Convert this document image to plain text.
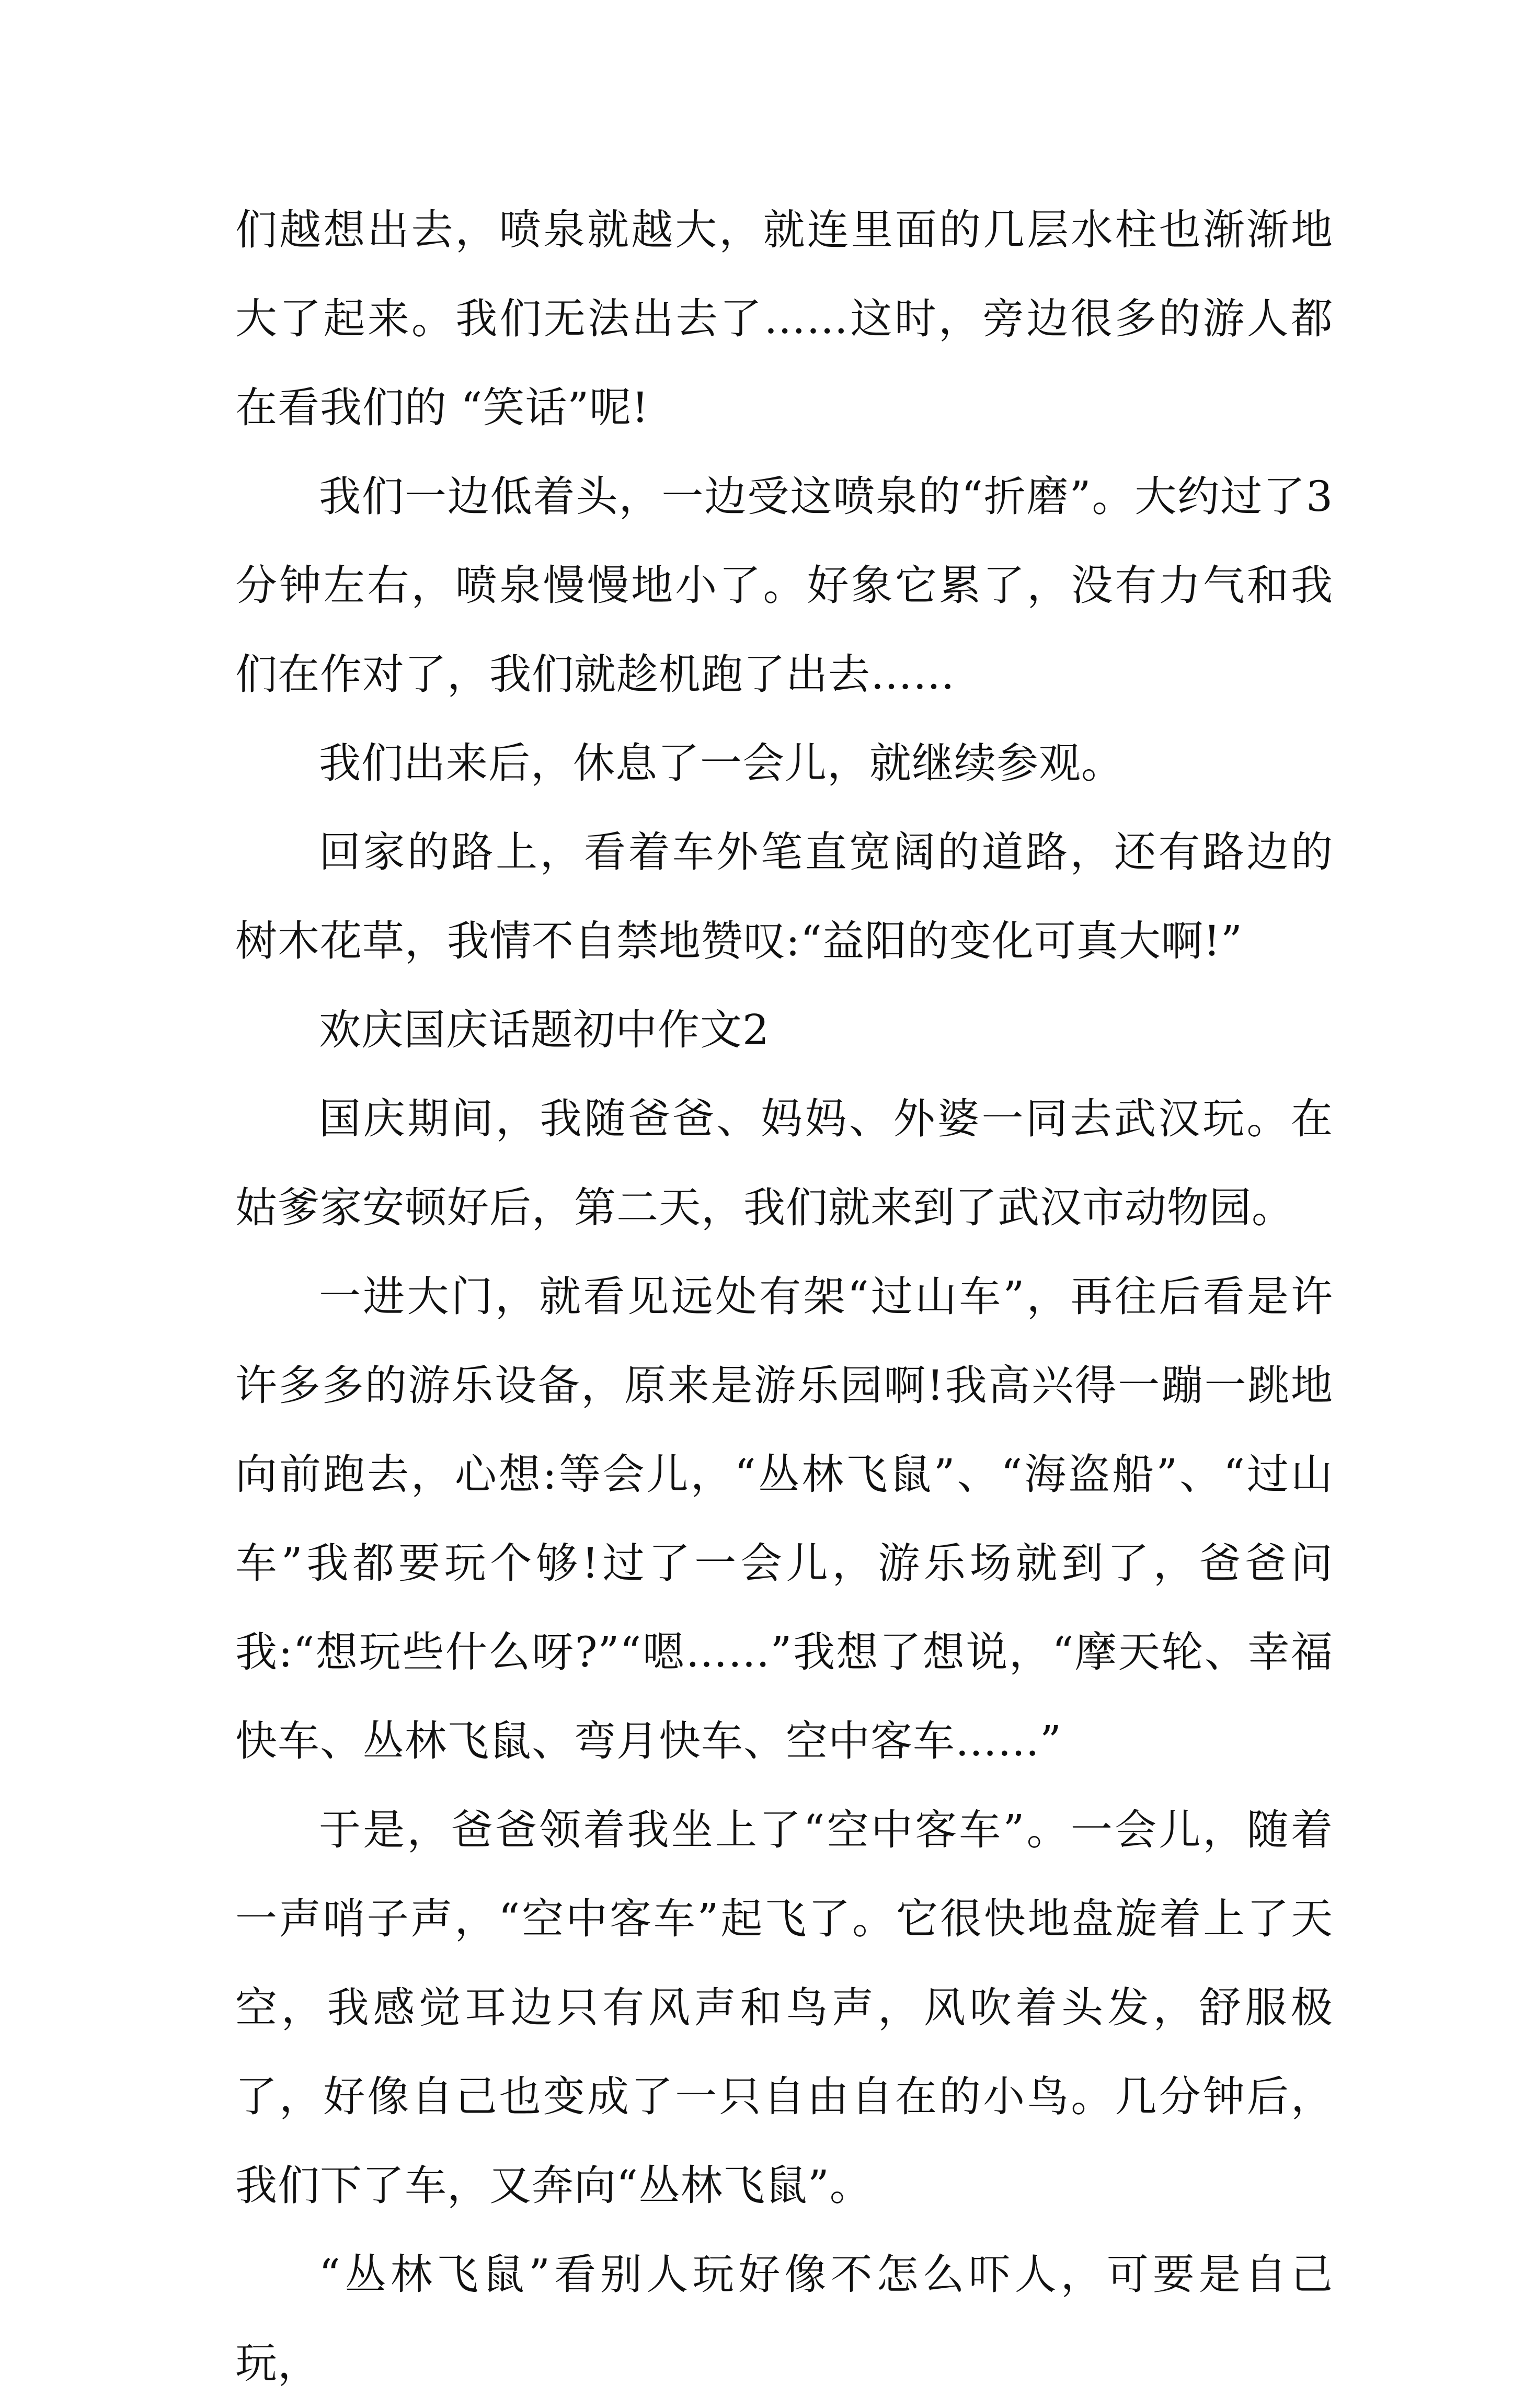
们越想出去，喷泉就越大，就连里面的几层水柱也渐渐地大了起来。我们无法出去了……这时，旁边很多的游人都在看我们的 “笑话”呢!

我们一边低着头，一边受这喷泉的“折磨”。大约过了3分钟左右，喷泉慢慢地小了。好象它累了，没有力气和我们在作对了，我们就趁机跑了出去……

我们出来后，休息了一会儿，就继续参观。

回家的路上，看着车外笔直宽阔的道路，还有路边的树木花草，我情不自禁地赞叹:“益阳的变化可真大啊!”

欢庆国庆话题初中作文2

国庆期间，我随爸爸、妈妈、外婆一同去武汉玩。在姑爹家安顿好后，第二天，我们就来到了武汉市动物园。

一进大门，就看见远处有架“过山车”，再往后看是许许多多的游乐设备，原来是游乐园啊!我高兴得一蹦一跳地向前跑去，心想:等会儿，“丛林飞鼠”、“海盗船”、“过山车”我都要玩个够!过了一会儿，游乐场就到了，爸爸问我:“想玩些什么呀?”“嗯……”我想了想说，“摩天轮、幸福快车、丛林飞鼠、弯月快车、空中客车……”

于是，爸爸领着我坐上了“空中客车”。一会儿，随着一声哨子声，“空中客车”起飞了。它很快地盘旋着上了天空，我感觉耳边只有风声和鸟声，风吹着头发，舒服极了，好像自己也变成了一只自由自在的小鸟。几分钟后，我们下了车，又奔向“丛林飞鼠”。

“丛林飞鼠”看别人玩好像不怎么吓人，可要是自己玩，
